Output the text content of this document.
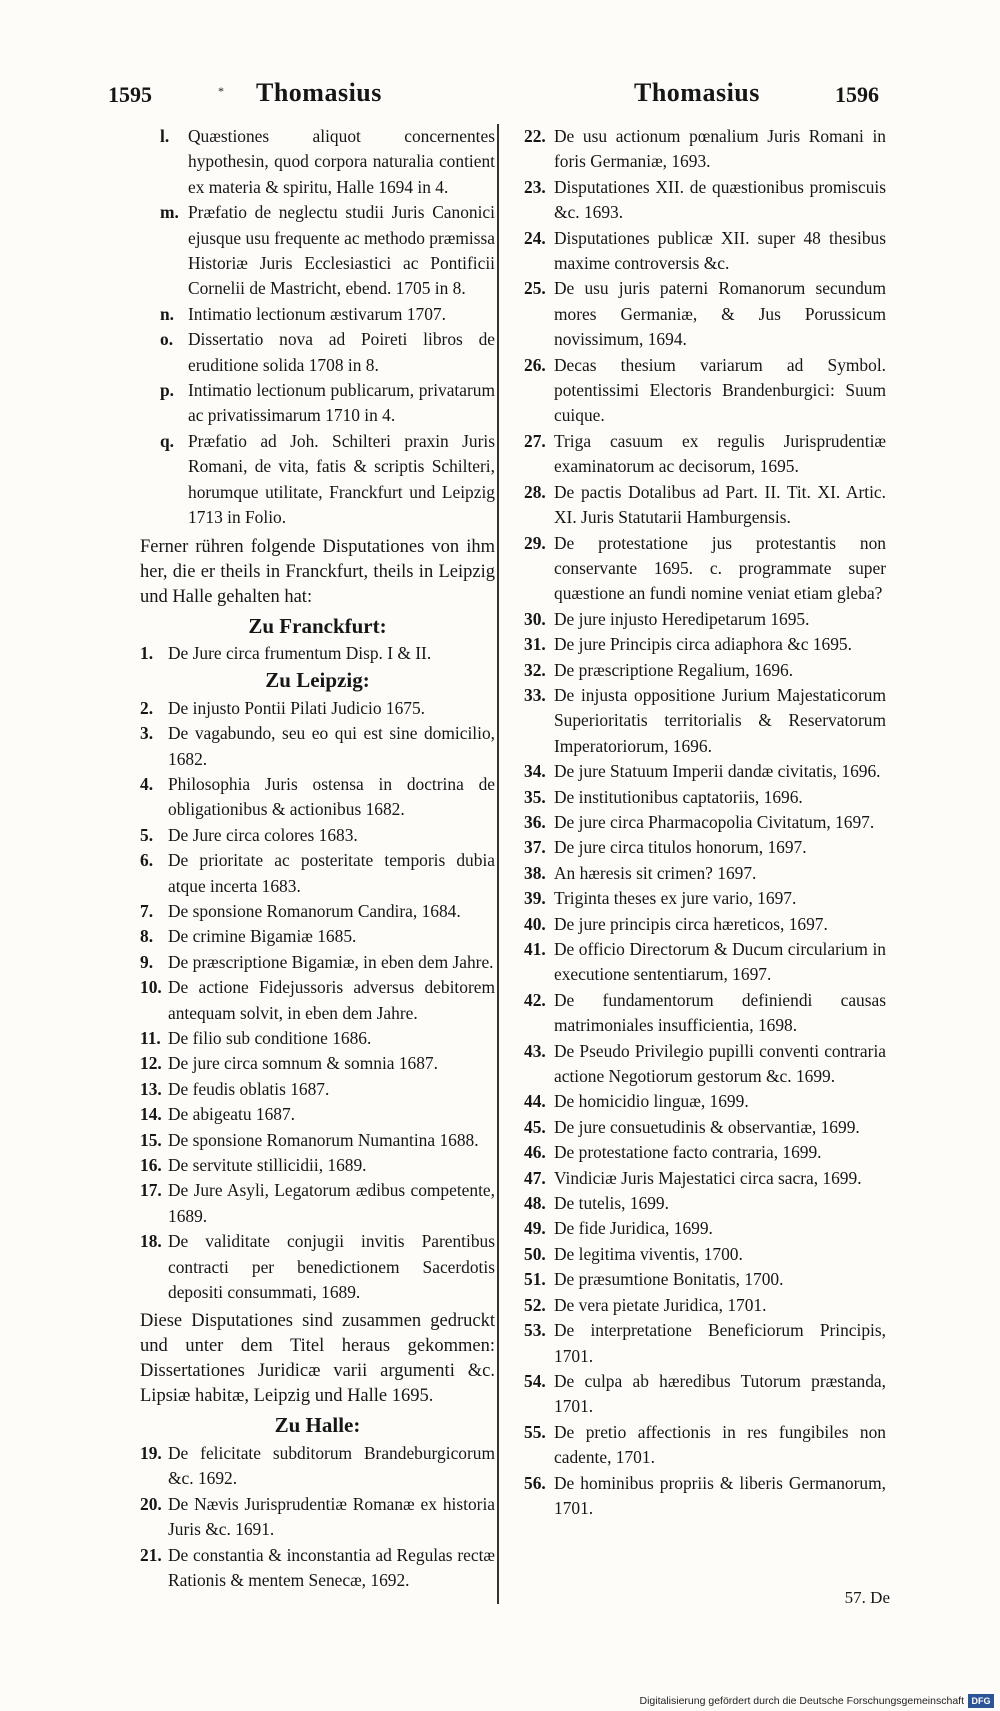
1595	* Thomasius	Thomasius	1596
l.	Quæstiones aliquot concernentes hypothesin, quod corpora naturalia contient ex materia & spiritu, Halle 1694 in 4.
m. Præfatio de neglectu studii Juris Canonici ejusque usu frequente ac methodo præmissa Historiæ Juris Ecclesiastici ac Pontificii Cornelii de Mastricht, ebend. 1705 in 8.
n. Intimatio lectionum æstivarum 1707.
o. Dissertatio nova ad Poireti libros de eruditione solida 1708 in 8.
p. Intimatio lectionum publicarum, privatarum ac privatissimarum 1710 in 4.
q. Præfatio ad Joh. Schilteri praxin Juris Romani, de vita, fatis & scriptis Schilteri, horumque utilitate, Franckfurt und Leipzig 1713 in Folio.
Ferner rühren folgende Disputationes von ihm her, die er theils in Franckfurt, theils in Leipzig und Halle gehalten hat:
Zu Franckfurt:
1. De Jure circa frumentum Disp. I & II.
Zu Leipzig:
2. De injusto Pontii Pilati Judicio 1675.
3. De vagabundo, seu eo qui est sine domicilio, 1682.
4. Philosophia Juris ostensa in doctrina de obligationibus & actionibus 1682.
5. De Jure circa colores 1683.
6. De prioritate ac posteritate temporis dubia atque incerta 1683.
7. De sponsione Romanorum Candira, 1684.
8. De crimine Bigamiæ 1685.
9. De præscriptione Bigamiæ, in eben dem Jahre.
10. De actione Fidejussoris adversus debitorem antequam solvit, in eben dem Jahre.
11. De filio sub conditione 1686.
12. De jure circa somnum & somnia 1687.
13. De feudis oblatis 1687.
14. De abigeatu 1687.
15. De sponsione Romanorum Numantina 1688.
16. De servitute stillicidii, 1689.
17. De Jure Asyli, Legatorum ædibus competente, 1689.
18. De validitate conjugii invitis Parentibus contracti per benedictionem Sacerdotis depositi consummati, 1689.
Diese Disputationes sind zusammen gedruckt und unter dem Titel heraus gekommen: Dissertationes Juridicæ varii argumenti &c. Lipsiæ habitæ, Leipzig und Halle 1695.
Zu Halle:
19. De felicitate subditorum Brandeburgicorum &c. 1692.
20. De Nævis Jurisprudentiæ Romanæ ex historia Juris &c. 1691.
21. De constantia & inconstantia ad Regulas rectæ Rationis & mentem Senecæ, 1692.
22. De usu actionum pœnalium Juris Romani in foris Germaniæ, 1693.
23. Disputationes XII. de quæstionibus promiscuis &c. 1693.
24. Disputationes publicæ XII. super 48 thesibus maxime controversis &c.
25. De usu juris paterni Romanorum secundum mores Germaniæ, & Jus Porussicum novissimum, 1694.
26. Decas thesium variarum ad Symbol. potentissimi Electoris Brandenburgici: Suum cuique.
27. Triga casuum ex regulis Jurisprudentiæ examinatorum ac decisorum, 1695.
28. De pactis Dotalibus ad Part. II. Tit. XI. Artic. XI. Juris Statutarii Hamburgensis.
29. De protestatione jus protestantis non conservante 1695. c. programmate super quæstione an fundi nomine veniat etiam gleba?
30. De jure injusto Heredipetarum 1695.
31. De jure Principis circa adiaphora &c 1695.
32. De præscriptione Regalium, 1696.
33. De injusta oppositione Jurium Majestaticorum Superioritatis territorialis & Reservatorum Imperatoriorum, 1696.
34. De jure Statuum Imperii dandæ civitatis, 1696.
35. De institutionibus captatoriis, 1696.
36. De jure circa Pharmacopolia Civitatum, 1697.
37. De jure circa titulos honorum, 1697.
38. An hæresis sit crimen? 1697.
39. Triginta theses ex jure vario, 1697.
40. De jure principis circa hæreticos, 1697.
41. De officio Directorum & Ducum circularium in executione sententiarum, 1697.
42. De fundamentorum definiendi causas matrimoniales insufficientia, 1698.
43. De Pseudo Privilegio pupilli conventi contraria actione Negotiorum gestorum &c. 1699.
44. De homicidio linguæ, 1699.
45. De jure consuetudinis & observantiæ, 1699.
46. De protestatione facto contraria, 1699.
47. Vindiciæ Juris Majestatici circa sacra, 1699.
48. De tutelis, 1699.
49. De fide Juridica, 1699.
50. De legitima viventis, 1700.
51. De præsumtione Bonitatis, 1700.
52. De vera pietate Juridica, 1701.
53. De interpretatione Beneficiorum Principis, 1701.
54. De culpa ab hæredibus Tutorum præstanda, 1701.
55. De pretio affectionis in res fungibiles non cadente, 1701.
56. De hominibus propriis & liberis Germanorum, 1701.
57. De
Digitalisierung gefördert durch die Deutsche Forschungsgemeinschaft DFG
